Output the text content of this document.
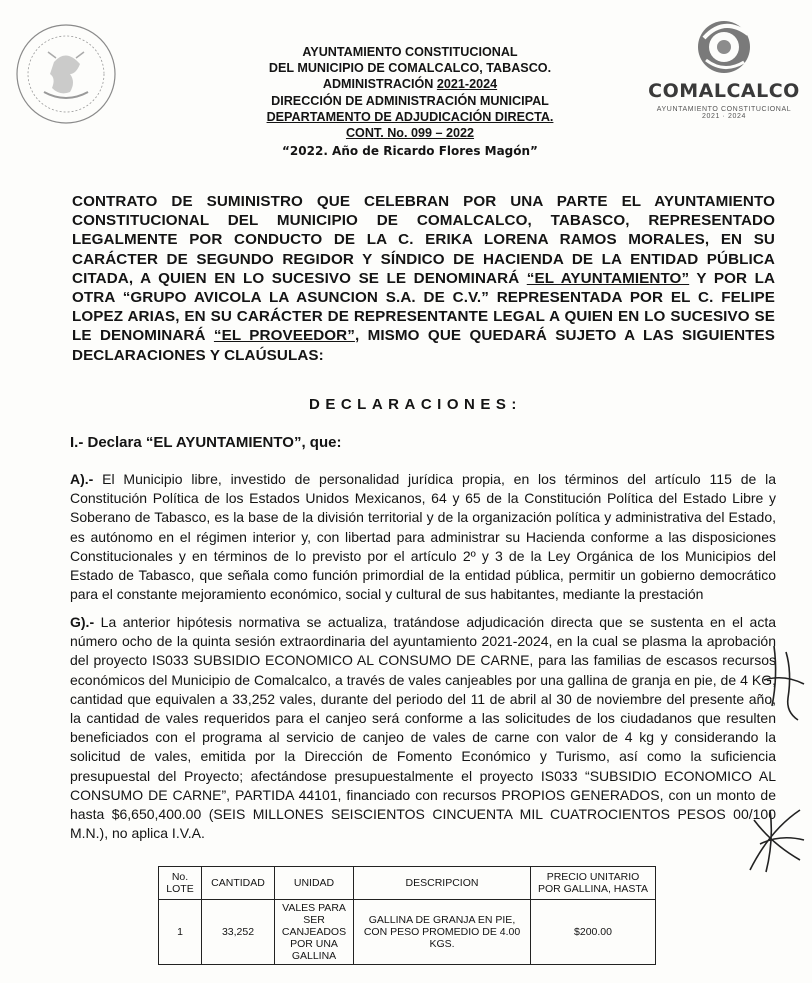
AYUNTAMIENTO CONSTITUCIONAL
DEL MUNICIPIO DE COMALCALCO, TABASCO.
ADMINISTRACIÓN 2021-2024
DIRECCIÓN DE ADMINISTRACIÓN MUNICIPAL
DEPARTAMENTO DE ADJUDICACIÓN DIRECTA.
CONT. No. 099 – 2022
“2022. Año de Ricardo Flores Magón”
COMALCALCO
AYUNTAMIENTO CONSTITUCIONAL
2021 · 2024
CONTRATO DE SUMINISTRO QUE CELEBRAN POR UNA PARTE EL AYUNTAMIENTO CONSTITUCIONAL DEL MUNICIPIO DE COMALCALCO, TABASCO, REPRESENTADO LEGALMENTE POR CONDUCTO DE LA C. ERIKA LORENA RAMOS MORALES, EN SU CARÁCTER DE SEGUNDO REGIDOR Y SÍNDICO DE HACIENDA DE LA ENTIDAD PÚBLICA CITADA, A QUIEN EN LO SUCESIVO SE LE DENOMINARÁ “EL AYUNTAMIENTO” Y POR LA OTRA “GRUPO AVICOLA LA ASUNCION S.A. DE C.V.” REPRESENTADA POR EL C. FELIPE LOPEZ ARIAS, EN SU CARÁCTER DE REPRESENTANTE LEGAL A QUIEN EN LO SUCESIVO SE LE DENOMINARÁ “EL PROVEEDOR”, MISMO QUE QUEDARÁ SUJETO A LAS SIGUIENTES DECLARACIONES Y CLAÚSULAS:
DECLARACIONES:
I.- Declara “EL AYUNTAMIENTO”, que:
A).- El Municipio libre, investido de personalidad jurídica propia, en los términos del artículo 115 de la Constitución Política de los Estados Unidos Mexicanos, 64 y 65 de la Constitución Política del Estado Libre y Soberano de Tabasco, es la base de la división territorial y de la organización política y administrativa del Estado, es autónomo en el régimen interior y, con libertad para administrar su Hacienda conforme a las disposiciones Constitucionales y en términos de lo previsto por el artículo 2º y 3 de la Ley Orgánica de los Municipios del Estado de Tabasco, que señala como función primordial de la entidad pública, permitir un gobierno democrático para el constante mejoramiento económico, social y cultural de sus habitantes, mediante la prestación
G).- La anterior hipótesis normativa se actualiza, tratándose adjudicación directa que se sustenta en el acta número ocho de la quinta sesión extraordinaria del ayuntamiento 2021-2024, en la cual se plasma la aprobación del proyecto IS033 SUBSIDIO ECONOMICO AL CONSUMO DE CARNE, para las familias de escasos recursos económicos del Municipio de Comalcalco, a través de vales canjeables por una gallina de granja en pie, de 4 KG, cantidad que equivalen a 33,252 vales, durante del periodo del 11 de abril al 30 de noviembre del presente año, la cantidad de vales requeridos para el canjeo será conforme a las solicitudes de los ciudadanos que resulten beneficiados con el programa al servicio de canjeo de vales de carne con valor de 4 kg y considerando la solicitud de vales, emitida por la Dirección de Fomento Económico y Turismo, así como la suficiencia presupuestal del Proyecto; afectándose presupuestalmente el proyecto IS033 “SUBSIDIO ECONOMICO AL CONSUMO DE CARNE”, PARTIDA 44101, financiado con recursos PROPIOS GENERADOS, con un monto de hasta $6,650,400.00 (SEIS MILLONES SEISCIENTOS CINCUENTA MIL CUATROCIENTOS PESOS 00/100 M.N.), no aplica I.V.A.
No. LOTE	CANTIDAD	UNIDAD	DESCRIPCION	PRECIO UNITARIO POR GALLINA, HASTA
1	33,252	VALES PARA SER CANJEADOS POR UNA GALLINA	GALLINA DE GRANJA EN PIE, CON PESO PROMEDIO DE 4.00 KGS.	$200.00
